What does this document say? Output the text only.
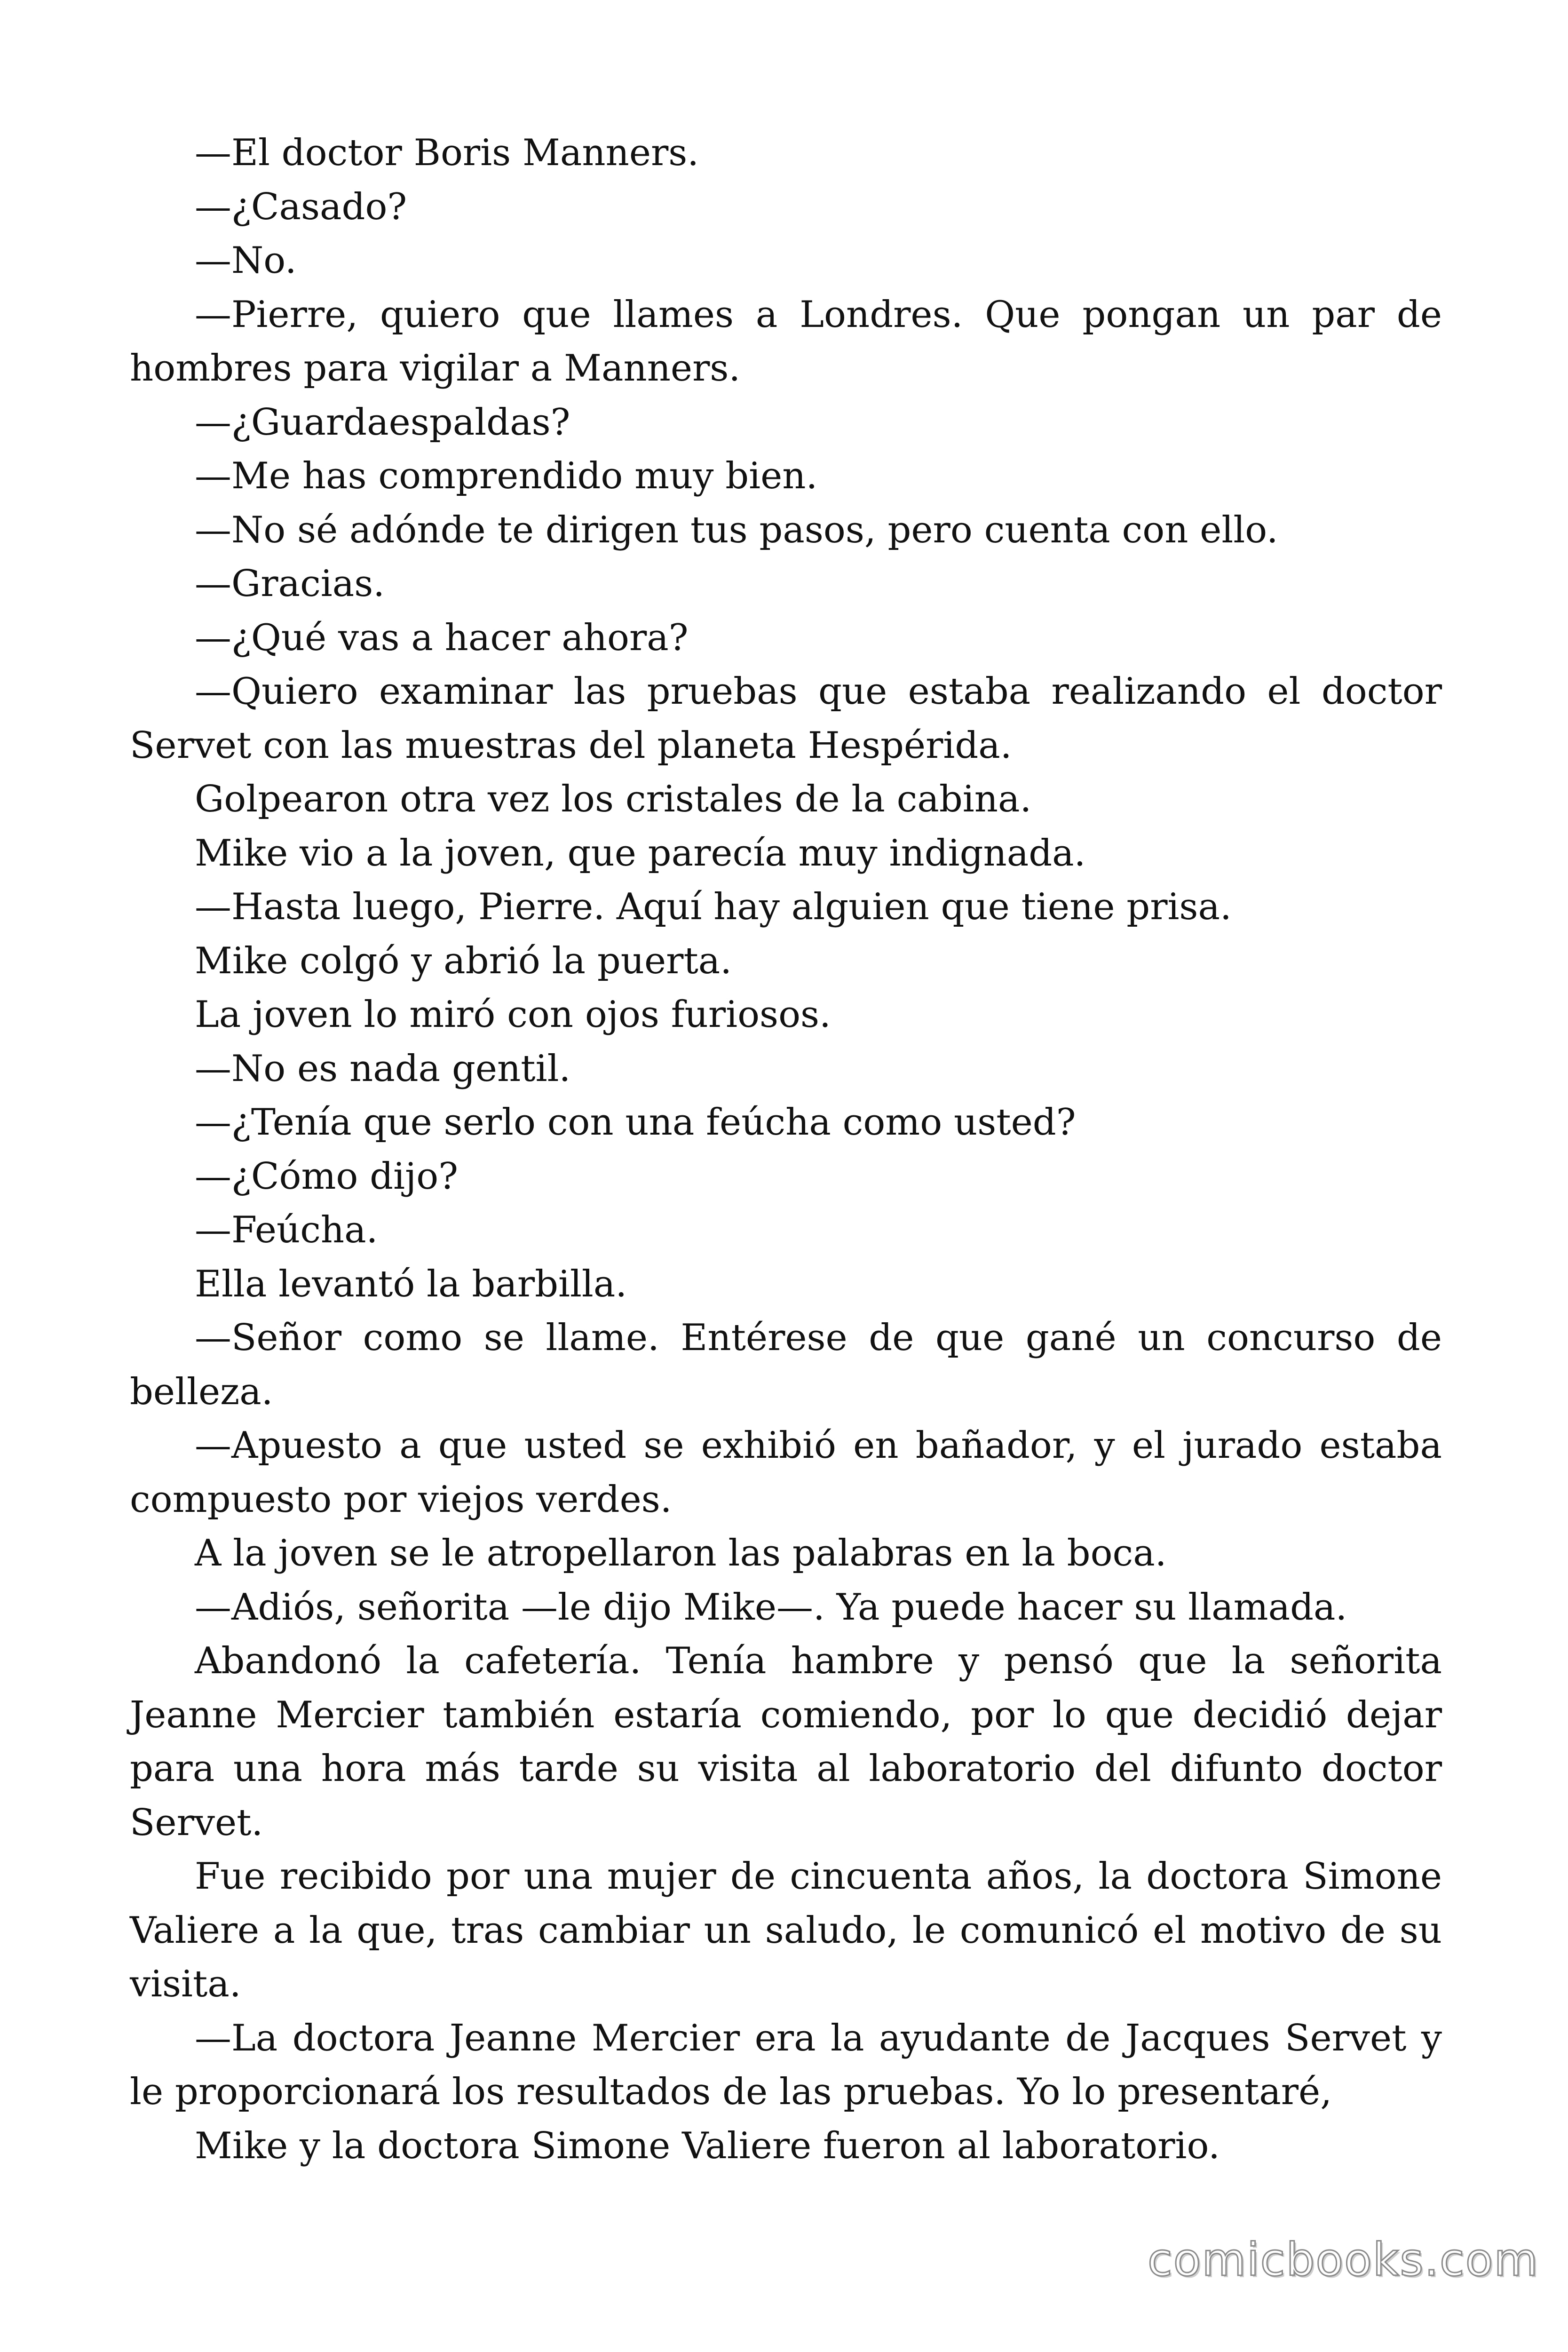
—El doctor Boris Manners.

—¿Casado?

—No.

—Pierre, quiero que llames a Londres. Que pongan un par de hombres para vigilar a Manners.

—¿Guardaespaldas?

—Me has comprendido muy bien.

—No sé adónde te dirigen tus pasos, pero cuenta con ello.

—Gracias.

—¿Qué vas a hacer ahora?

—Quiero examinar las pruebas que estaba realizando el doctor Servet con las muestras del planeta Hespérida.

Golpearon otra vez los cristales de la cabina.

Mike vio a la joven, que parecía muy indignada.

—Hasta luego, Pierre. Aquí hay alguien que tiene prisa.

Mike colgó y abrió la puerta.

La joven lo miró con ojos furiosos.

—No es nada gentil.

—¿Tenía que serlo con una feúcha como usted?

—¿Cómo dijo?

—Feúcha.

Ella levantó la barbilla.

—Señor como se llame. Entérese de que gané un concurso de belleza.

—Apuesto a que usted se exhibió en bañador, y el jurado estaba compuesto por viejos verdes.

A la joven se le atropellaron las palabras en la boca.

—Adiós, señorita —le dijo Mike—. Ya puede hacer su llamada.

Abandonó la cafetería. Tenía hambre y pensó que la señorita Jeanne Mercier también estaría comiendo, por lo que decidió dejar para una hora más tarde su visita al laboratorio del difunto doctor Servet.

Fue recibido por una mujer de cincuenta años, la doctora Simone Valiere a la que, tras cambiar un saludo, le comunicó el motivo de su visita.

—La doctora Jeanne Mercier era la ayudante de Jacques Servet y le proporcionará los resultados de las pruebas. Yo lo presentaré,

Mike y la doctora Simone Valiere fueron al laboratorio.

comicbooks.com
